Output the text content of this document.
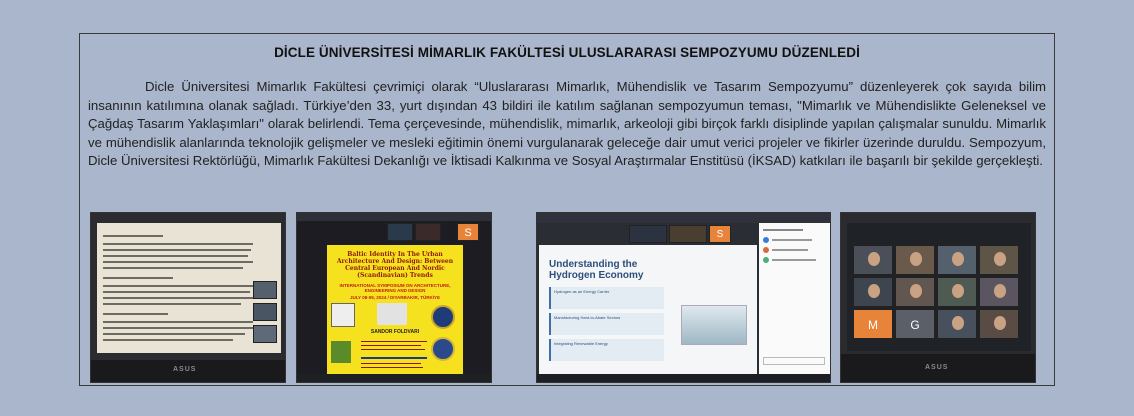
DİCLE ÜNİVERSİTESİ MİMARLIK FAKÜLTESİ ULUSLARARASI SEMPOZYUMU DÜZENLEDİ
Dicle Üniversitesi Mimarlık Fakültesi çevrimiçi olarak “Uluslararası Mimarlık, Mühendislik ve Tasarım Sempozyumu” düzenleyerek çok sayıda bilim insanının katılımına olanak sağladı. Türkiye’den 33, yurt dışından 43 bildiri ile katılım sağlanan sempozyumun teması, "Mimarlık ve Mühendislikte Geleneksel ve Çağdaş Tasarım Yaklaşımları" olarak belirlendi. Tema çerçevesinde, mühendislik, mimarlık, arkeoloji gibi birçok farklı disiplinde yapılan çalışmalar sunuldu. Mimarlık ve mühendislik alanlarında teknolojik gelişmeler ve mesleki eğitimin önemi vurgulanarak geleceğe dair umut verici projeler ve fikirler üzerinde duruldu. Sempozyum, Dicle Üniversitesi Rektörlüğü, Mimarlık Fakültesi Dekanlığı ve İktisadi Kalkınma ve Sosyal Araştırmalar Enstitüsü (İKSAD) katkıları ile başarılı bir şekilde gerçekleşti.
ASUS
S
Baltic Identity In The Urban
Architecture And Design: Between
Central European And Nordic
(Scandinavian) Trends
INTERNATIONAL SYMPOSIUM ON ARCHITECTURE, ENGINEERING AND DESIGN
JULY 08-09, 2024 / DIYARBAKIR, TÜRKİYE
SANDOR FOLDVARI
S
Understanding the Hydrogen Economy
Hydrogen as an Energy Carrier
Manufacturing Hard-to-Abate Sectors
Integrating Renewable Energy
M	G
ASUS
